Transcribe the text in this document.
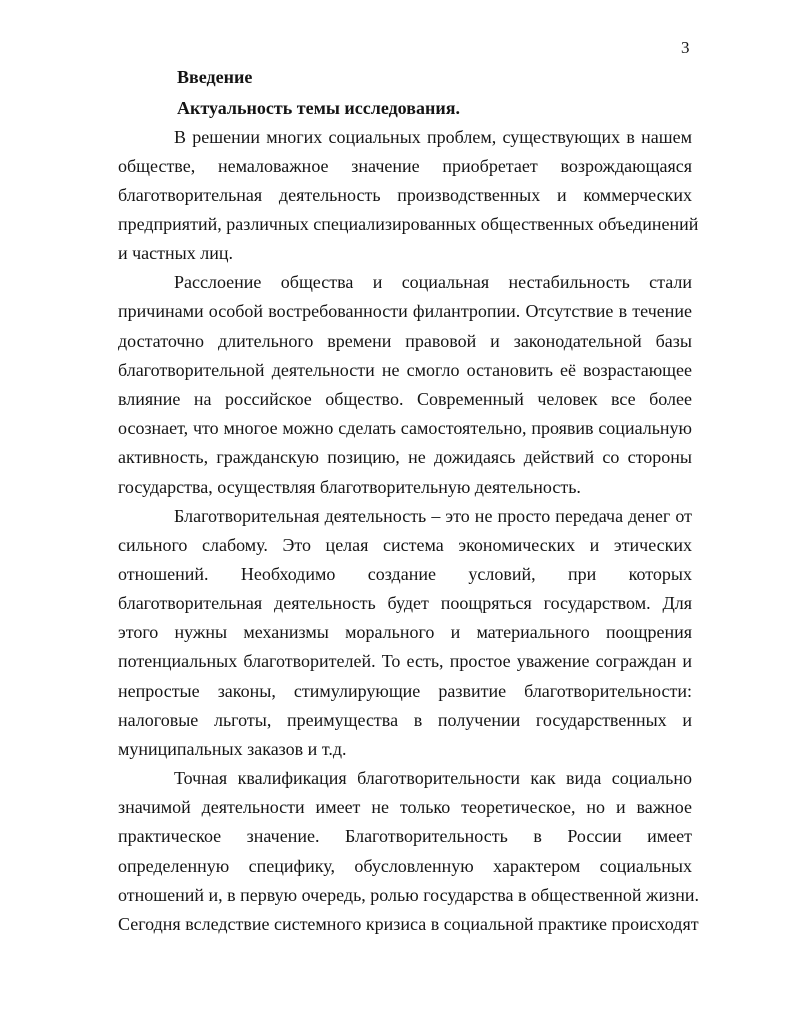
3
Введение
Актуальность темы исследования.
В решении многих социальных проблем, существующих в нашем
обществе, немаловажное значение приобретает возрождающаяся
благотворительная деятельность производственных и коммерческих
предприятий, различных специализированных общественных объединений
и частных лиц.
Расслоение общества и социальная нестабильность стали
причинами особой востребованности филантропии. Отсутствие в течение
достаточно длительного времени правовой и законодательной базы
благотворительной деятельности не смогло остановить её возрастающее
влияние на российское общество. Современный человек все более
осознает, что многое можно сделать самостоятельно, проявив социальную
активность, гражданскую позицию, не дожидаясь действий со стороны
государства, осуществляя благотворительную деятельность.
Благотворительная деятельность – это не просто передача денег от
сильного слабому. Это целая система экономических и этических
отношений. Необходимо создание условий, при которых
благотворительная деятельность будет поощряться государством. Для
этого нужны механизмы морального и материального поощрения
потенциальных благотворителей. То есть, простое уважение сограждан и
непростые законы, стимулирующие развитие благотворительности:
налоговые льготы, преимущества в получении государственных и
муниципальных заказов и т.д.
Точная квалификация благотворительности как вида социально
значимой деятельности имеет не только теоретическое, но и важное
практическое значение. Благотворительность в России имеет
определенную специфику, обусловленную характером социальных
отношений и, в первую очередь, ролью государства в общественной жизни.
Сегодня вследствие системного кризиса в социальной практике происходят
